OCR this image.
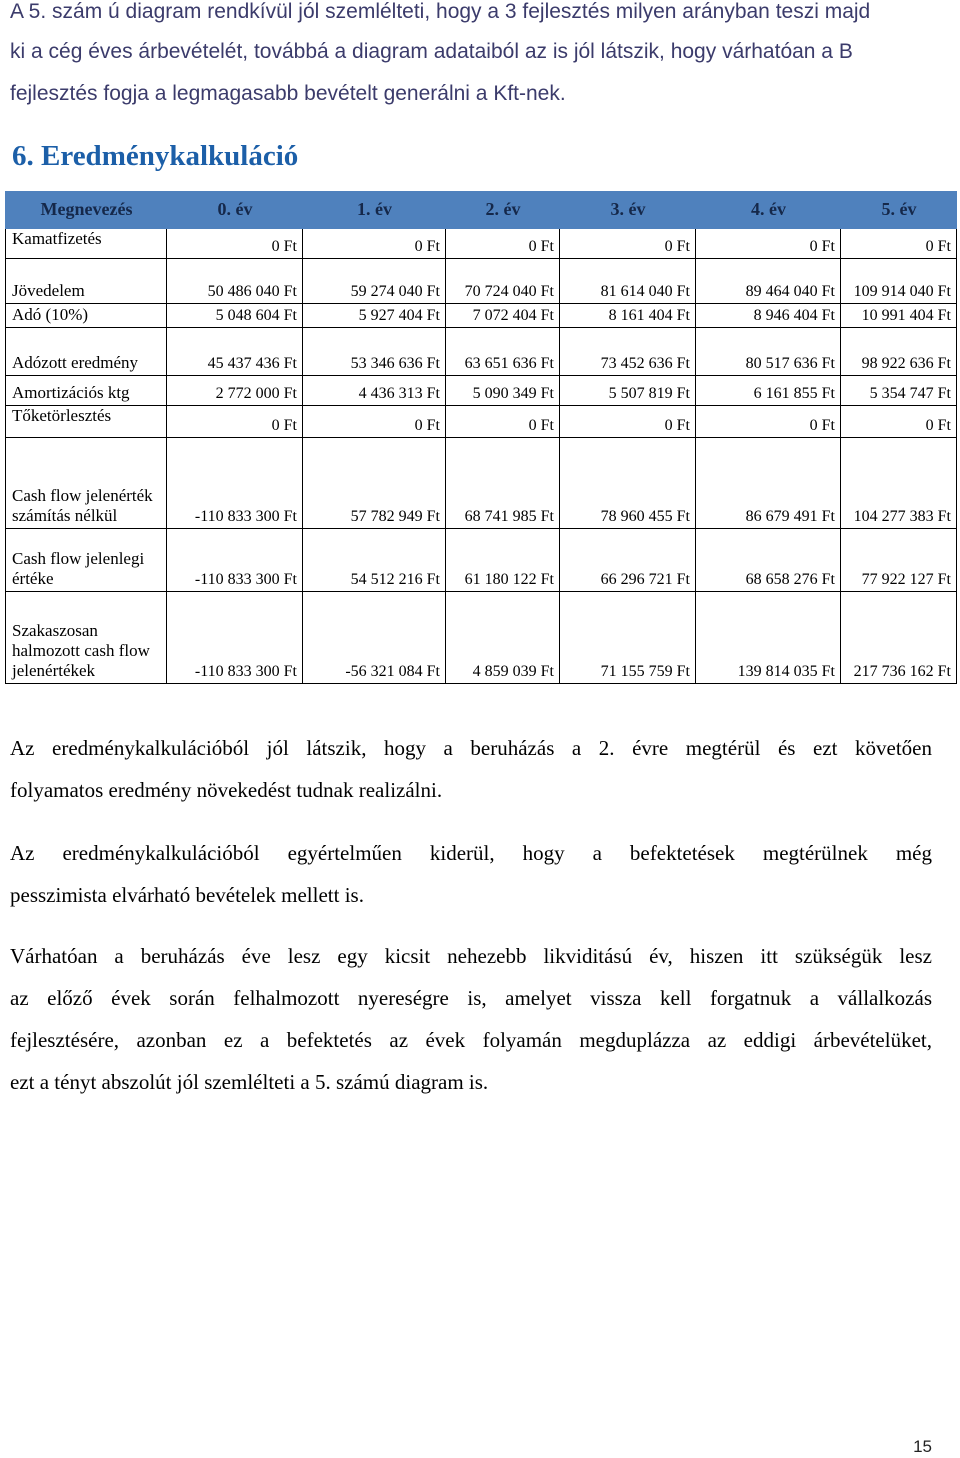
A 5. szám ú diagram rendkívül jól szemlélteti, hogy a 3 fejlesztés milyen arányban teszi majd
ki a cég éves árbevételét, továbbá a diagram adataiból az is jól látszik, hogy várhatóan a B
fejlesztés fogja a legmagasabb bevételt generálni a Kft-nek.
6. Eredménykalkuláció
Megnevezés	0. év	1. év	2. év	3. év	4. év	5. év
Kamatfizetés	0 Ft	0 Ft	0 Ft	0 Ft	0 Ft	0 Ft
Jövedelem	50 486 040 Ft	59 274 040 Ft	70 724 040 Ft	81 614 040 Ft	89 464 040 Ft	109 914 040 Ft
Adó (10%)	5 048 604 Ft	5 927 404 Ft	7 072 404 Ft	8 161 404 Ft	8 946 404 Ft	10 991 404 Ft
Adózott eredmény	45 437 436 Ft	53 346 636 Ft	63 651 636 Ft	73 452 636 Ft	80 517 636 Ft	98 922 636 Ft
Amortizációs ktg	2 772 000 Ft	4 436 313 Ft	5 090 349 Ft	5 507 819 Ft	6 161 855 Ft	5 354 747 Ft
Tőketörlesztés	0 Ft	0 Ft	0 Ft	0 Ft	0 Ft	0 Ft
Cash flow jelenérték számítás nélkül	-110 833 300 Ft	57 782 949 Ft	68 741 985 Ft	78 960 455 Ft	86 679 491 Ft	104 277 383 Ft
Cash flow jelenlegi értéke	-110 833 300 Ft	54 512 216 Ft	61 180 122 Ft	66 296 721 Ft	68 658 276 Ft	77 922 127 Ft
Szakaszosan halmozott cash flow jelenértékek	-110 833 300 Ft	-56 321 084 Ft	4 859 039 Ft	71 155 759 Ft	139 814 035 Ft	217 736 162 Ft
Az eredménykalkulációból jól látszik, hogy a beruházás a 2. évre megtérül és ezt követően
folyamatos eredmény növekedést tudnak realizálni.
Az eredménykalkulációból egyértelműen kiderül, hogy a befektetések megtérülnek még
pesszimista elvárható bevételek mellett is.
Várhatóan a beruházás éve lesz egy kicsit nehezebb likviditású év, hiszen itt szükségük lesz
az előző évek során felhalmozott nyereségre is, amelyet vissza kell forgatnuk a vállalkozás
fejlesztésére, azonban ez a befektetés az évek folyamán megduplázza az eddigi árbevételüket,
ezt a tényt abszolút jól szemlélteti a 5. számú diagram is.
15
